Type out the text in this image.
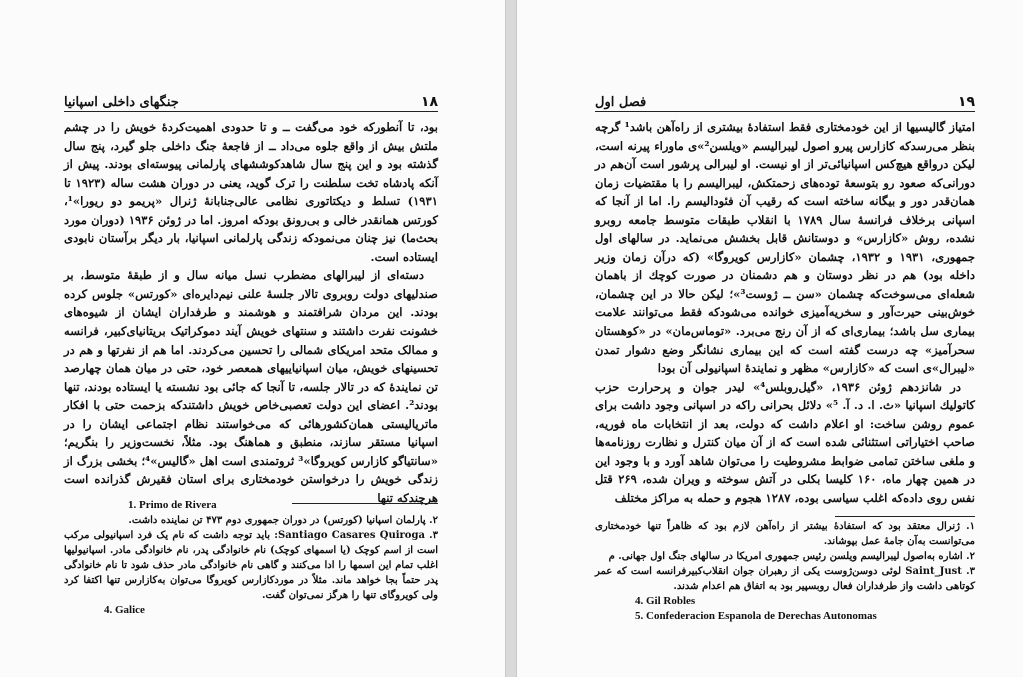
جنگهای داخلی اسپانیا	۱۸

بود، تا آنطورکه خود می‌گفت ــ و تا حدودی اهمیت‌کردهٔ خویش را در چشم ملتش بیش از واقع جلوه می‌داد ــ از فاجعهٔ جنگ داخلی جلو گیرد، پنج سال گذشته بود و این پنج سال شاهدکوششهای پارلمانی پیوسته‌ای بودند. پیش از آنکه پادشاه تخت سلطنت را ترک گوید، یعنی در دوران هشت ساله (۱۹۲۳ تا ۱۹۳۱) تسلط و دیکتاتوری نظامی عالی‌جنابانهٔ ژنرال «پریمو دو ریورا»¹، کورتس همانقدر خالی و بی‌رونق بودکه امروز. اما در ژوئن ۱۹۳۶ (دوران مورد بحث‌ما) نیز چنان می‌نمودکه زندگی پارلمانی اسپانیا، بار دیگر برآستان نابودی ایستاده است.

دسته‌ای از لیبرالهای مضطرب نسل میانه سال و از طبقهٔ متوسط، بر صندلیهای دولت روبروی تالار جلسهٔ علنی نیم‌دایره‌ای «کورتس» جلوس کرده بودند. این مردان شرافتمند و هوشمند و طرفداران ایشان از شیوه‌های خشونت نفرت داشتند و سنتهای خویش آیند دموکراتیک بریتانیای‌کبیر، فرانسه و ممالک متحد امریکای شمالی را تحسین می‌کردند. اما هم از نفرتها و هم در تحسینهای خویش، میان اسپانیاییهای همعصر خود، حتی در میان همان چهارصد تن نمایندهٔ که در تالار جلسه، تا آنجا که جائی بود نشسته یا ایستاده بودند، تنها بودند². اعضای این دولت تعصبی‌خاص خویش داشتندکه بزحمت حتی با افکار ماتریالیستی همان‌کشورهائی که می‌خواستند نظام اجتماعی ایشان را در اسپانیا مستقر سازند، منطبق و هماهنگ بود. مثلاً، نخست‌وزیر را بنگریم؛ «سانتیاگو کازارس کویروگا»³ ثروتمندی است اهل «گالیس»⁴؛ بخشی بزرگ از زندگی خویش را درخواستن خودمختاری برای استان فقیرش گذرانده است هرچندکه تنها

1. Primo de Rivera

۲. پارلمان اسپانیا (کورتس) در دوران جمهوری دوم ۴۷۳ تن نماینده داشت.

Santiago Casares Quiroga .۳: باید توجه داشت که نام یک فرد اسپانیولی مرکب است از اسم کوچک (یا اسمهای کوچک) نام خانوادگی پدر، نام خانوادگی مادر. اسپانیولیها اغلب تمام این اسمها را ادا می‌کنند و گاهی نام خانوادگی مادر حذف شود تا نام خانوادگی پدر حتماً بجا خواهد ماند. مثلاً در موردکازارس کویروگا می‌توان به‌کازارس تنها اکتفا کرد ولی کویروگای تنها را هرگز نمی‌توان گفت.

4. Galice

فصل اول	۱۹

امتیاز گالیسیها از این خودمختاری فقط استفادهٔ بیشتری از راه‌آهن باشد¹ گرچه بنظر می‌رسدکه کازارس پیرو اصول لیبرالیسم «ویلسن²»ی ماوراء پیرنه است، لیکن درواقع هیچ‌کس اسپانیائی‌تر از او نیست. او لیبرالی پرشور است آن‌هم در دورانی‌که صعود رو بتوسعهٔ توده‌های زحمتکش، لیبرالیسم را با مقتضیات زمان همان‌قدر دور و بیگانه ساخته است که رقیب آن فئودالیسم را. اما از آنجا که اسپانی برخلاف فرانسهٔ سال ۱۷۸۹ با انقلاب طبقات متوسط جامعه روبرو نشده، روش «کازارس» و دوستانش قابل بخشش می‌نماید. در سالهای اول جمهوری، ۱۹۳۱ و ۱۹۳۲، چشمان «کازارس کویروگا» (که درآن زمان وزیر داخله بود) هم در نظر دوستان و هم دشمنان در صورت کوچك از باهمان شعله‌ای می‌سوخت‌که چشمان «سن ــ ژوست³»؛ لیکن حالا در این چشمان، خوش‌بینی حیرت‌آور و سخریه‌آمیزی خوانده می‌شودکه فقط می‌توانند علامت بیماری سل باشد؛ بیماری‌ای که از آن رنج می‌برد. «توماس‌مان» در «کوهستان سحرآمیز» چه درست گفته است که این بیماری نشانگر وضع دشوار تمدن «لیبرال»ی است که «کازارس» مظهر و نمایندهٔ اسپانیولی آن بودا

در شانزدهم ژوئن ۱۹۳۶، «گیل‌روبلس⁴» لیدر جوان و پرحرارت حزب کاتولیك اسپانیا «ث. ا. د. آ. ⁵» دلائل بحرانی راکه در اسپانی وجود داشت برای عموم روشن ساخت: او اعلام داشت که دولت، بعد از انتخابات ماه فوریه، صاحب اختیاراتی استثنائی شده است که از آن میان کنترل و نظارت روزنامه‌ها و ملغی ساختن تمامی ضوابط مشروطیت را می‌توان شاهد آورد و با وجود این در همین چهار ماه، ۱۶۰ کلیسا بکلی در آتش سوخته و ویران شده، ۲۶۹ قتل نفس روی داده‌که اغلب سیاسی بوده، ۱۲۸۷ هجوم و حمله به مراکز مختلف

۱. ژنرال معتقد بود که استفادهٔ بیشتر از راه‌آهن لازم بود که ظاهراً تنها خودمختاری می‌توانست به‌آن جامهٔ عمل بپوشاند.

۲. اشاره به‌اصول لیبرالیسم ویلسن رئیس جمهوری امریکا در سالهای جنگ اول جهانی. م

Saint_Just .۳ لوئی دوسن‌ژوست یکی از رهبران جوان انقلاب‌کبیرفرانسه است که عمر کوتاهی داشت واز طرفداران فعال روبسپیر بود به اتفاق هم اعدام شدند.

4. Gil Robles

5. Confederacion Espanola de Derechas Autonomas
